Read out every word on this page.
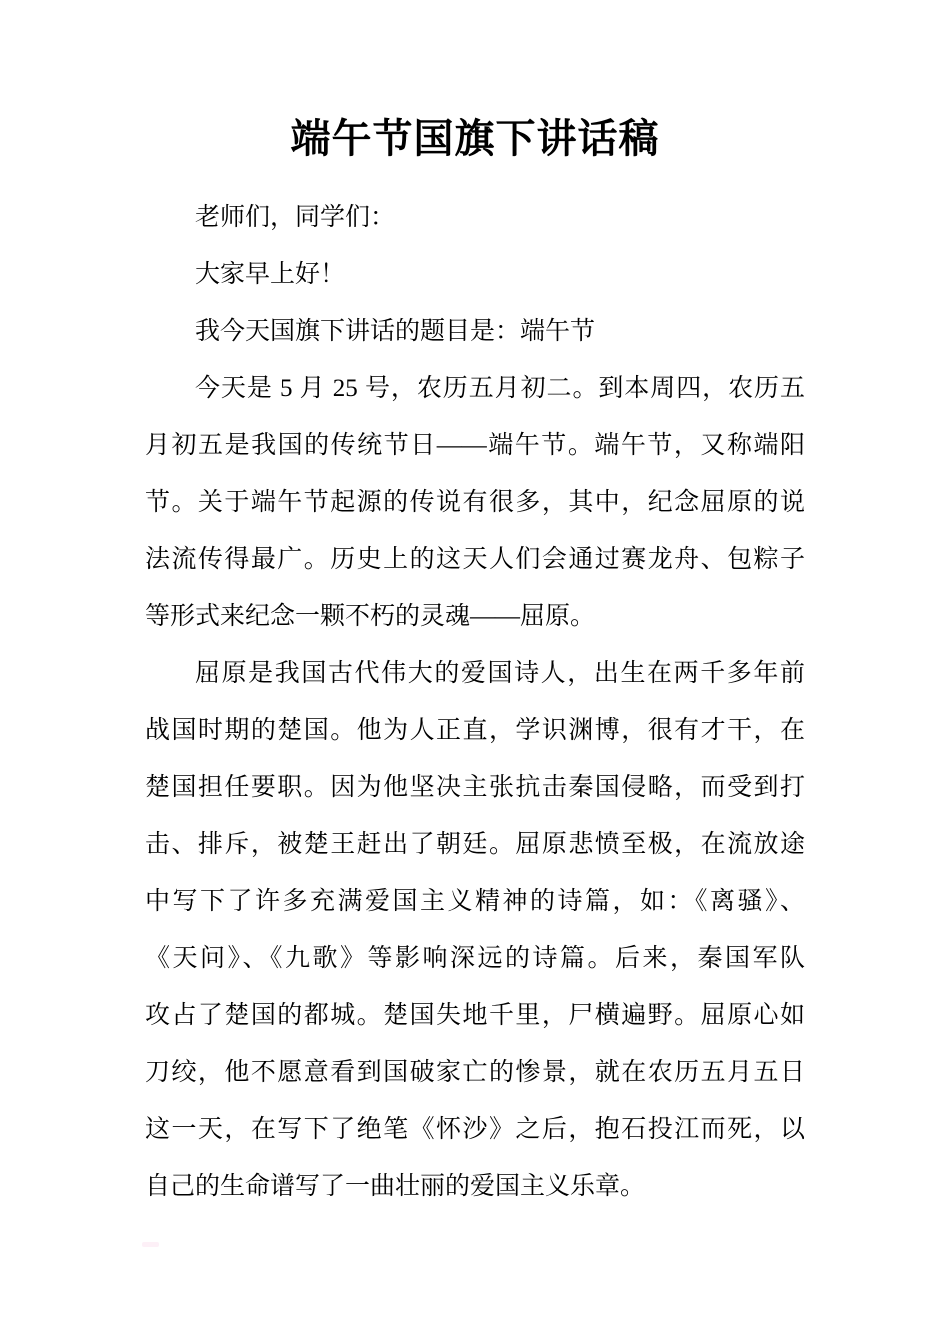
端午节国旗下讲话稿
老师们，同学们：
大家早上好！
我今天国旗下讲话的题目是：端午节
今天是 5 月 25 号，农历五月初二。到本周四，农历五
月初五是我国的传统节日——端午节。端午节，又称端阳
节。关于端午节起源的传说有很多，其中，纪念屈原的说
法流传得最广。历史上的这天人们会通过赛龙舟、包粽子
等形式来纪念一颗不朽的灵魂——屈原。
屈原是我国古代伟大的爱国诗人，出生在两千多年前
战国时期的楚国。他为人正直，学识渊博，很有才干，在
楚国担任要职。因为他坚决主张抗击秦国侵略，而受到打
击、排斥，被楚王赶出了朝廷。屈原悲愤至极，在流放途
中写下了许多充满爱国主义精神的诗篇，如：《离骚》、
《天问》、《九歌》等影响深远的诗篇。后来，秦国军队
攻占了楚国的都城。楚国失地千里，尸横遍野。屈原心如
刀绞，他不愿意看到国破家亡的惨景，就在农历五月五日
这一天，在写下了绝笔《怀沙》之后，抱石投江而死，以
自己的生命谱写了一曲壮丽的爱国主义乐章。
